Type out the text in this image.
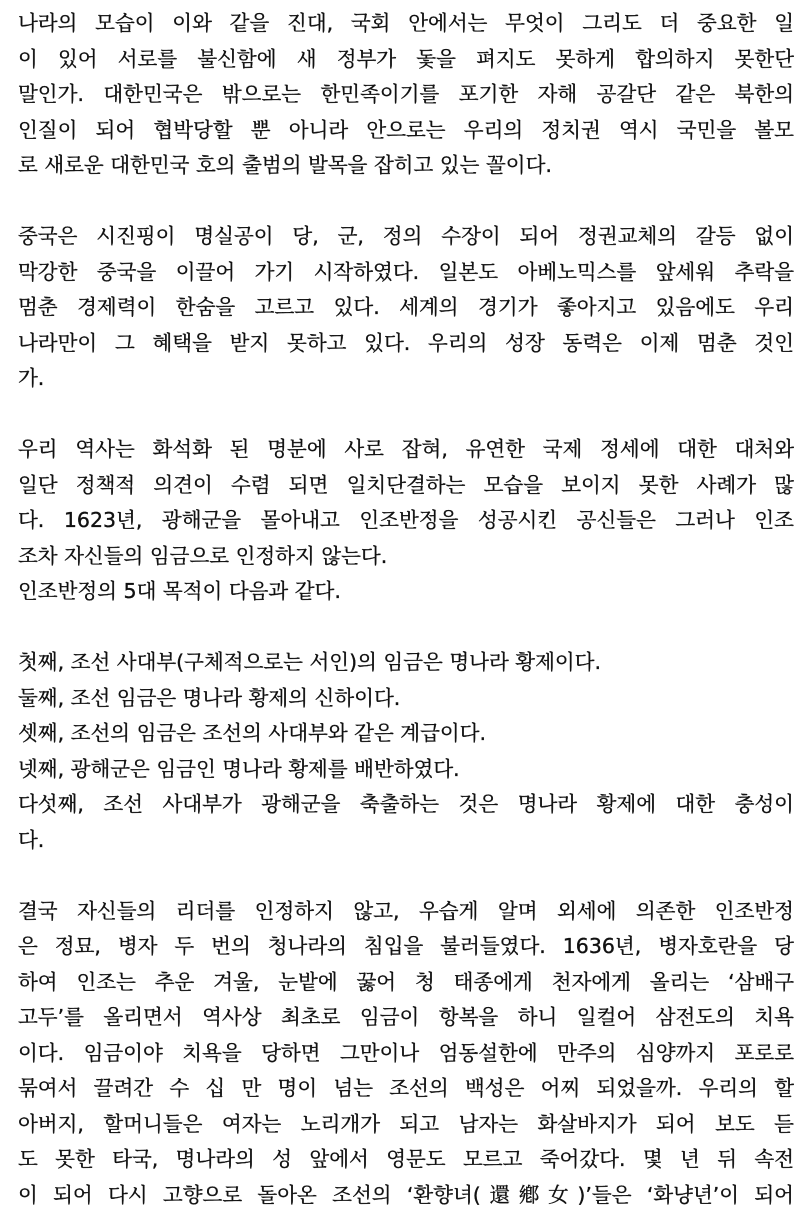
나라의 모습이 이와 같을 진대, 국회 안에서는 무엇이 그리도 더 중요한 일
이 있어 서로를 불신함에 새 정부가 돛을 펴지도 못하게 합의하지 못한단
말인가. 대한민국은 밖으로는 한민족이기를 포기한 자해 공갈단 같은 북한의
인질이 되어 협박당할 뿐 아니라 안으로는 우리의 정치권 역시 국민을 볼모
로 새로운 대한민국 호의 출범의 발목을 잡히고 있는 꼴이다.
중국은 시진핑이 명실공이 당, 군, 정의 수장이 되어 정권교체의 갈등 없이
막강한 중국을 이끌어 가기 시작하였다. 일본도 아베노믹스를 앞세워 추락을
멈춘 경제력이 한숨을 고르고 있다. 세계의 경기가 좋아지고 있음에도 우리
나라만이 그 혜택을 받지 못하고 있다. 우리의 성장 동력은 이제 멈춘 것인
가.
우리 역사는 화석화 된 명분에 사로 잡혀, 유연한 국제 정세에 대한 대처와
일단 정책적 의견이 수렴 되면 일치단결하는 모습을 보이지 못한 사례가 많
다. 1623년, 광해군을 몰아내고 인조반정을 성공시킨 공신들은 그러나 인조
조차 자신들의 임금으로 인정하지 않는다.
인조반정의 5대 목적이 다음과 같다.
첫째, 조선 사대부(구체적으로는 서인)의 임금은 명나라 황제이다.
둘째, 조선 임금은 명나라 황제의 신하이다.
셋째, 조선의 임금은 조선의 사대부와 같은 계급이다.
넷째, 광해군은 임금인 명나라 황제를 배반하였다.
다섯째, 조선 사대부가 광해군을 축출하는 것은 명나라 황제에 대한 충성이
다.
결국 자신들의 리더를 인정하지 않고, 우습게 알며 외세에 의존한 인조반정
은 정묘, 병자 두 번의 청나라의 침입을 불러들였다. 1636년, 병자호란을 당
하여 인조는 추운 겨울, 눈밭에 꿇어 청 태종에게 천자에게 올리는 ‘삼배구
고두’를 올리면서 역사상 최초로 임금이 항복을 하니 일컬어 삼전도의 치욕
이다. 임금이야 치욕을 당하면 그만이나 엄동설한에 만주의 심양까지 포로로
묶여서 끌려간 수 십 만 명이 넘는 조선의 백성은 어찌 되었을까. 우리의 할
아버지, 할머니들은 여자는 노리개가 되고 남자는 화살바지가 되어 보도 듣
도 못한 타국, 명나라의 성 앞에서 영문도 모르고 죽어갔다. 몇 년 뒤 속전
이 되어 다시 고향으로 돌아온 조선의 ‘환향녀(還鄕女)’들은 ‘화냥년’이 되어
